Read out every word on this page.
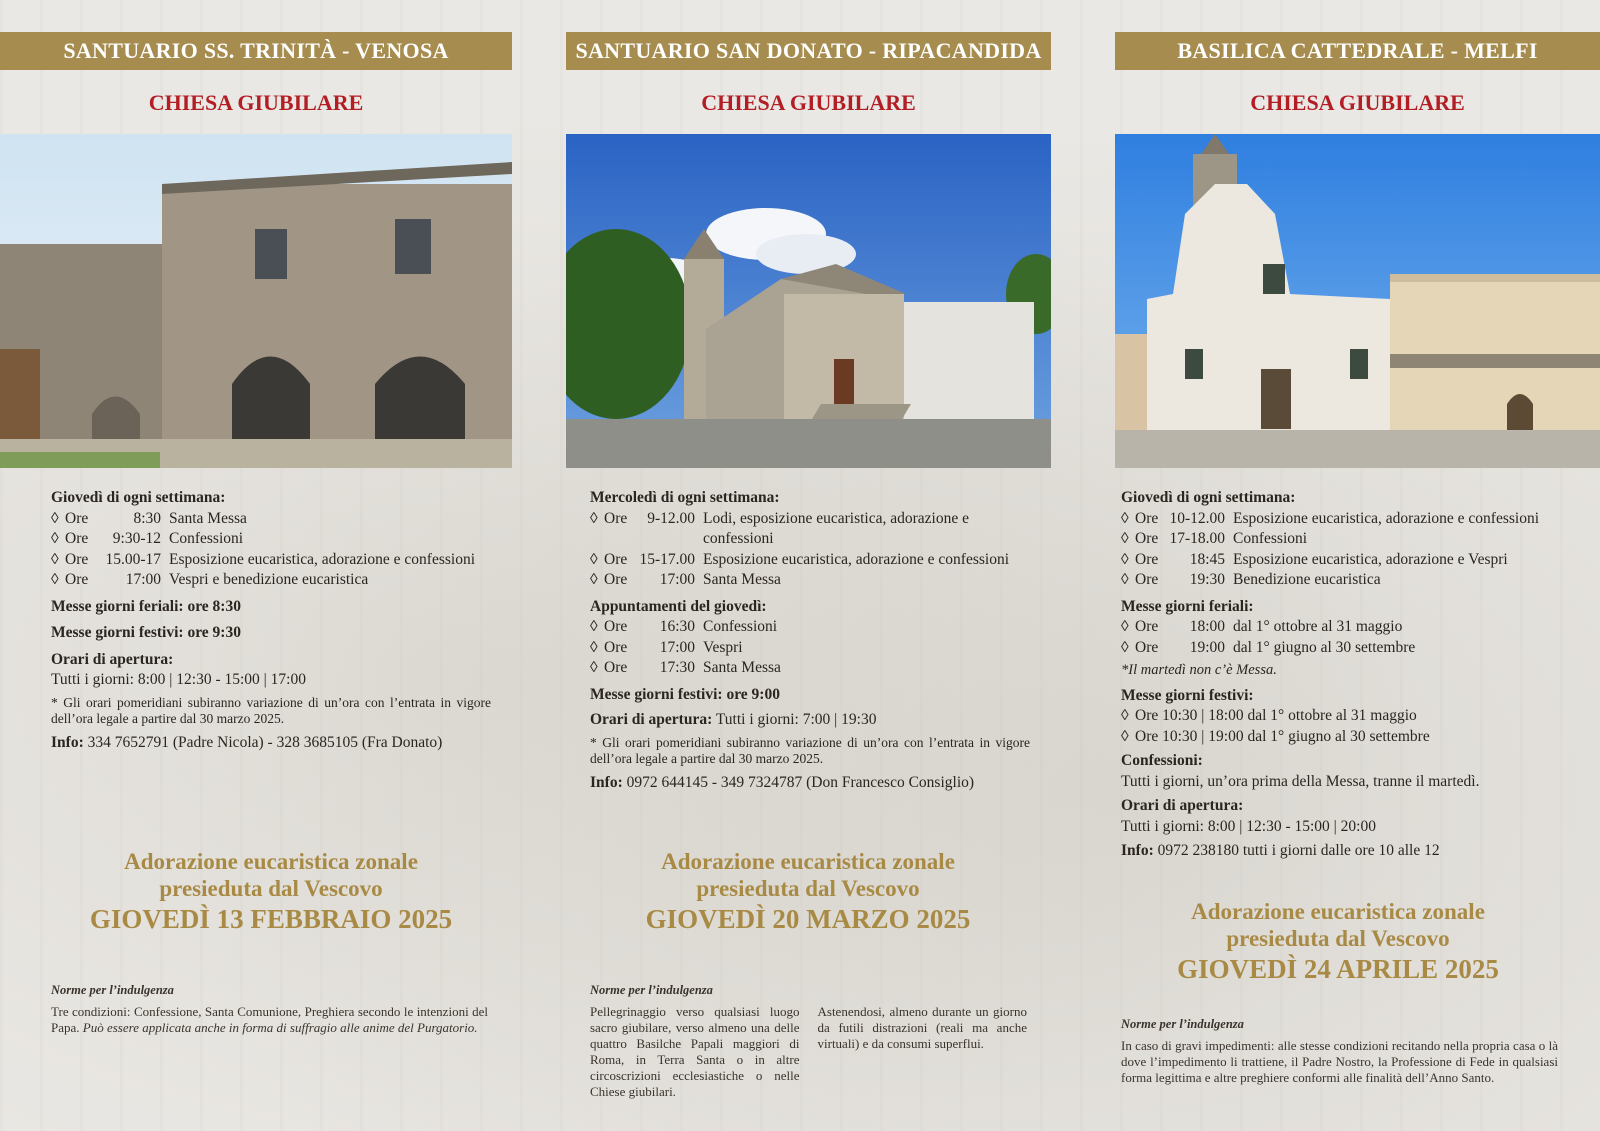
SANTUARIO SS. TRINITÀ - VENOSA
CHIESA GIUBILARE
Giovedì di ogni settimana:
◊ Ore	8:30 Santa Messa
◊ Ore	9:30-12 Confessioni
◊ Ore	15.00-17 Esposizione eucaristica, adorazione e confessioni
◊ Ore	17:00 Vespri e benedizione eucaristica
Messe giorni feriali: ore 8:30
Messe giorni festivi: ore 9:30
Orari di apertura:
Tutti i giorni: 8:00 | 12:30 - 15:00 | 17:00
* Gli orari pomeridiani subiranno variazione di un’ora con l’entrata in vigore dell’ora legale a partire dal 30 marzo 2025.
Info: 334 7652791 (Padre Nicola) - 328 3685105 (Fra Donato)
Adorazione eucaristica zonale
presieduta dal Vescovo
GIOVEDÌ 13 FEBBRAIO 2025
Norme per l’indulgenza
Tre condizioni: Confessione, Santa Comunione, Preghiera secondo le intenzioni del Papa. Può essere applicata anche in forma di suffragio alle anime del Purgatorio.
SANTUARIO SAN DONATO - RIPACANDIDA
CHIESA GIUBILARE
Mercoledì di ogni settimana:
◊ Ore	9-12.00 Lodi, esposizione eucaristica, adorazione e confessioni
◊ Ore 15-17.00 Esposizione eucaristica, adorazione e confessioni
◊ Ore	17:00 Santa Messa
Appuntamenti del giovedì:
◊ Ore	16:30 Confessioni
◊ Ore	17:00 Vespri
◊ Ore	17:30 Santa Messa
Messe giorni festivi: ore 9:00
Orari di apertura: Tutti i giorni: 7:00 | 19:30
* Gli orari pomeridiani subiranno variazione di un’ora con l’entrata in vigore dell’ora legale a partire dal 30 marzo 2025.
Info: 0972 644145 - 349 7324787 (Don Francesco Consiglio)
Adorazione eucaristica zonale
presieduta dal Vescovo
GIOVEDÌ 20 MARZO 2025
Norme per l’indulgenza
Pellegrinaggio verso qualsiasi luogo sacro giubilare, verso almeno una delle quattro Basilche Papali maggiori di Roma, in Terra Santa o in altre circoscrizioni ecclesiastiche o nelle Chiese giubilari.
Astenendosi, almeno durante un giorno da futili distrazioni (reali ma anche virtuali) e da consumi superflui.
BASILICA CATTEDRALE - MELFI
CHIESA GIUBILARE
Giovedì di ogni settimana:
◊ Ore 10-12.00 Esposizione eucaristica, adorazione e confessioni
◊ Ore 17-18.00 Confessioni
◊ Ore	18:45 Esposizione eucaristica, adorazione e Vespri
◊ Ore	19:30 Benedizione eucaristica
Messe giorni feriali:
◊ Ore	18:00 dal 1° ottobre al 31 maggio
◊ Ore	19:00 dal 1° giugno al 30 settembre
*Il martedì non c’è Messa.
Messe giorni festivi:
◊ Ore 10:30 | 18:00 dal 1° ottobre al 31 maggio
◊ Ore 10:30 | 19:00 dal 1° giugno al 30 settembre
Confessioni:
Tutti i giorni, un’ora prima della Messa, tranne il martedì.
Orari di apertura:
Tutti i giorni: 8:00 | 12:30 - 15:00 | 20:00
Info: 0972 238180 tutti i giorni dalle ore 10 alle 12
Adorazione eucaristica zonale
presieduta dal Vescovo
GIOVEDÌ 24 APRILE 2025
Norme per l’indulgenza
In caso di gravi impedimenti: alle stesse condizioni recitando nella propria casa o là dove l’impedimento li trattiene, il Padre Nostro, la Professione di Fede in qualsiasi forma legittima e altre preghiere conformi alle finalità dell’Anno Santo.
